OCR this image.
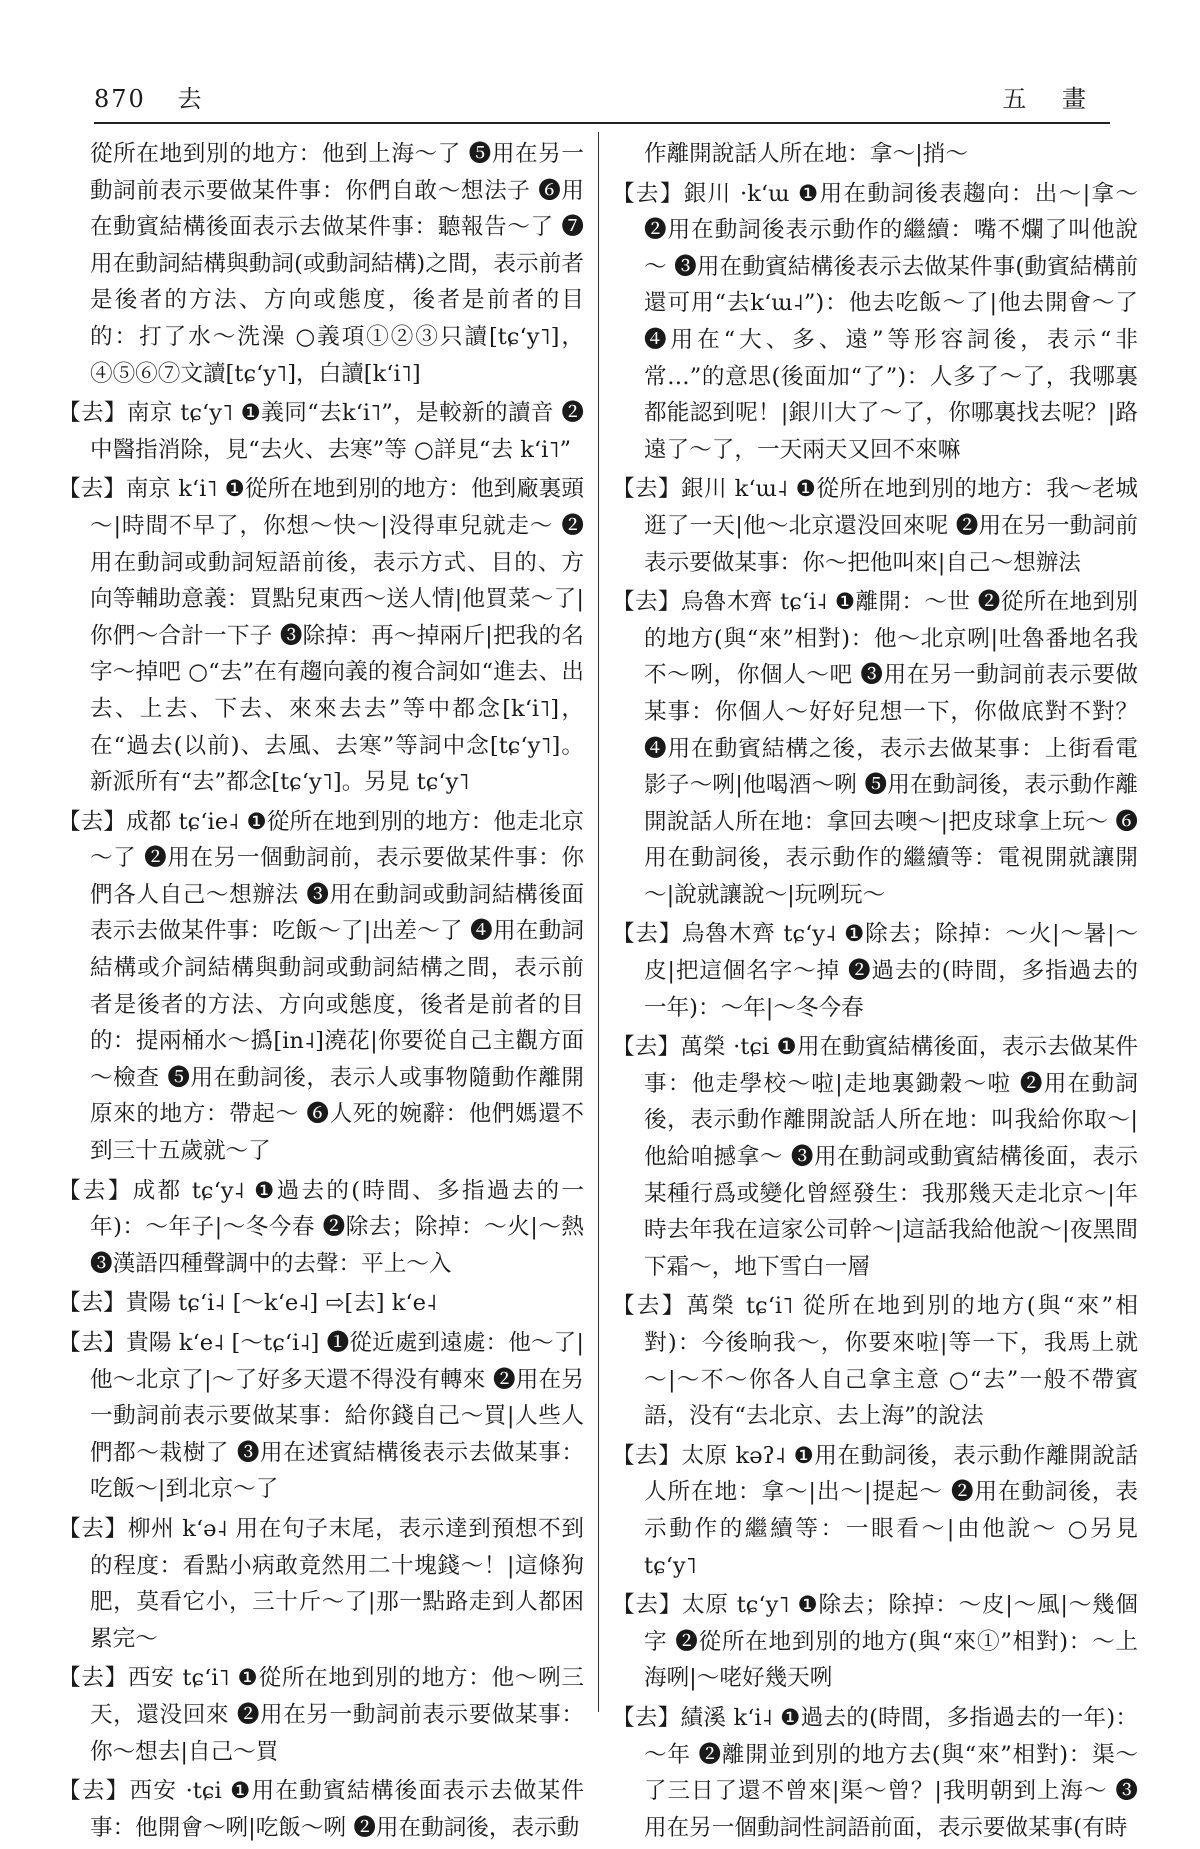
870 去	五 畫

從所在地到別的地方：他到上海～了 ❺用在另一動詞前表示要做某件事：你們自敢～想法子 ❻用在動賓結構後面表示去做某件事：聽報告～了 ❼用在動詞結構與動詞(或動詞結構)之間，表示前者是後者的方法、方向或態度，後者是前者的目的：打了水～洗澡 ○義項①②③只讀[tɕʻy˥]，④⑤⑥⑦文讀[tɕʻy˥]，白讀[kʻi˥]

【去】南京 tɕʻy˥ ❶義同“去kʻi˥”，是較新的讀音 ❷中醫指消除，見“去火、去寒”等 ○詳見“去 kʻi˥”

【去】南京 kʻi˥ ❶從所在地到別的地方：他到廠裏頭～|時間不早了，你想～快～|没得車兒就走～ ❷用在動詞或動詞短語前後，表示方式、目的、方向等輔助意義：買點兒東西～送人情|他買菜～了|你們～合計一下子 ❸除掉：再～掉兩斤|把我的名字～掉吧 ○“去”在有趨向義的複合詞如“進去、出去、上去、下去、來來去去”等中都念[kʻi˥]，在“過去(以前)、去風、去寒”等詞中念[tɕʻy˥]。新派所有“去”都念[tɕʻy˥]。另見 tɕʻy˥

【去】成都 tɕʻie˨ ❶從所在地到別的地方：他走北京～了 ❷用在另一個動詞前，表示要做某件事：你們各人自己～想辦法 ❸用在動詞或動詞結構後面表示去做某件事：吃飯～了|出差～了 ❹用在動詞結構或介詞結構與動詞或動詞結構之間，表示前者是後者的方法、方向或態度，後者是前者的目的：提兩桶水～撝[in˨]澆花|你要從自己主觀方面～檢查 ❺用在動詞後，表示人或事物隨動作離開原來的地方：帶起～ ❻人死的婉辭：他們媽還不到三十五歲就～了

【去】成都 tɕʻy˨ ❶過去的(時間、多指過去的一年)：～年子|～冬今春 ❷除去；除掉：～火|～熱 ❸漢語四種聲調中的去聲：平上～入

【去】貴陽 tɕʻi˨ [～kʻe˨] ⇨[去] kʻe˨

【去】貴陽 kʻe˨ [～tɕʻi˨] ❶從近處到遠處：他～了|他～北京了|～了好多天還不得没有轉來 ❷用在另一動詞前表示要做某事：給你錢自己～買|人些人們都～栽樹了 ❸用在述賓結構後表示去做某事：吃飯～|到北京～了

【去】柳州 kʻə˨ 用在句子末尾，表示達到預想不到的程度：看點小病敢竟然用二十塊錢～！|這條狗肥，莫看它小，三十斤～了|那一點路走到人都困累完～

【去】西安 tɕʻi˥ ❶從所在地到別的地方：他～咧三天，還没回來 ❷用在另一動詞前表示要做某事：你～想去|自己～買

【去】西安 ·tɕi ❶用在動賓結構後面表示去做某件事：他開會～咧|吃飯～咧 ❷用在動詞後，表示動

作離開說話人所在地：拿～|捎～

【去】銀川 ·kʻɯ ❶用在動詞後表趨向：出～|拿～ ❷用在動詞後表示動作的繼續：嘴不爛了叫他說～ ❸用在動賓結構後表示去做某件事(動賓結構前還可用“去kʻɯ˨”)：他去吃飯～了|他去開會～了 ❹用在“大、多、遠”等形容詞後，表示“非常…”的意思(後面加“了”)：人多了～了，我哪裏都能認到呢！|銀川大了～了，你哪裏找去呢？|路遠了～了，一天兩天又回不來嘛

【去】銀川 kʻɯ˨ ❶從所在地到別的地方：我～老城逛了一天|他～北京還没回來呢 ❷用在另一動詞前表示要做某事：你～把他叫來|自己～想辦法

【去】烏魯木齊 tɕʻi˨ ❶離開：～世 ❷從所在地到別的地方(與“來”相對)：他～北京咧|吐魯番地名我不～咧，你個人～吧 ❸用在另一動詞前表示要做某事：你個人～好好兒想一下，你做底對不對？ ❹用在動賓結構之後，表示去做某事：上街看電影子～咧|他喝酒～咧 ❺用在動詞後，表示動作離開說話人所在地：拿回去噢～|把皮球拿上玩～ ❻用在動詞後，表示動作的繼續等：電視開就讓開～|說就讓說～|玩咧玩～

【去】烏魯木齊 tɕʻy˨ ❶除去；除掉：～火|～暑|～皮|把這個名字～掉 ❷過去的(時間，多指過去的一年)：～年|～冬今春

【去】萬榮 ·tɕi ❶用在動賓結構後面，表示去做某件事：他走學校～啦|走地裏鋤穀～啦 ❷用在動詞後，表示動作離開說話人所在地：叫我給你取～|他給咱撼拿～ ❸用在動詞或動賓結構後面，表示某種行爲或變化曾經發生：我那幾天走北京～|年時去年我在這家公司幹～|這話我給他說～|夜黑間下霜～，地下雪白一層

【去】萬榮 tɕʻi˥ 從所在地到別的地方(與“來”相對)：今後晌我～，你要來啦|等一下，我馬上就～|～不～你各人自己拿主意 ○“去”一般不帶賓語，没有“去北京、去上海”的說法

【去】太原 kəʔ˨ ❶用在動詞後，表示動作離開說話人所在地：拿～|出～|提起～ ❷用在動詞後，表示動作的繼續等：一眼看～|由他說～ ○另見 tɕʻy˥

【去】太原 tɕʻy˥ ❶除去；除掉：～皮|～風|～幾個字 ❷從所在地到別的地方(與“來①”相對)：～上海咧|～咾好幾天咧

【去】績溪 kʻi˨ ❶過去的(時間，多指過去的一年)：～年 ❷離開並到別的地方去(與“來”相對)：渠～了三日了還不曾來|渠～曾？|我明朝到上海～ ❸用在另一個動詞性詞語前面，表示要做某事(有時
